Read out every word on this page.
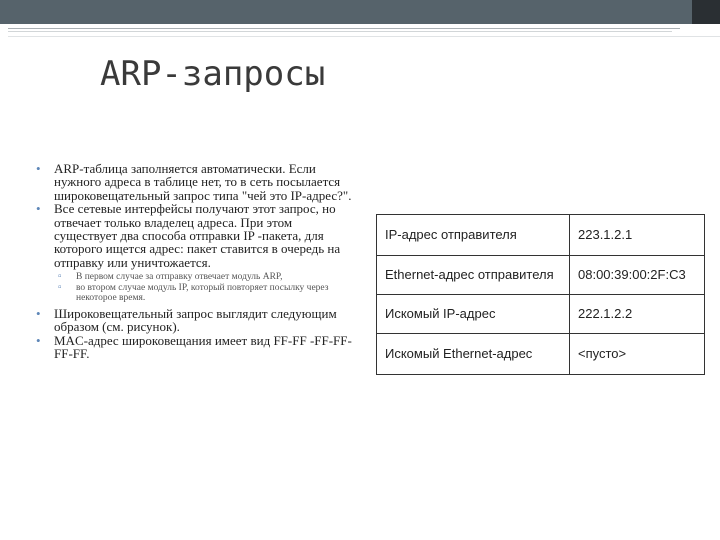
ARP-запросы
• ARP-таблица заполняется автоматически. Если нужного адреса в таблице нет, то в сеть посылается широковещательный запрос типа "чей это IP-адрес?".
• Все сетевые интерфейсы получают этот запрос, но отвечает только владелец адреса. При этом существует два способа отправки IP -пакета, для которого ищется адрес: пакет ставится в очередь на отправку или уничтожается.
▫ В первом случае за отправку отвечает модуль ARP,
▫ во втором случае модуль IP, который повторяет посылку через некоторое время.
• Широковещательный запрос выглядит следующим образом (см. рисунок).
• MAC-адрес широковещания имеет вид FF-FF -FF-FF-FF-FF.
IP-адрес отправителя	223.1.2.1
Ethernet-адрес отправителя	08:00:39:00:2F:C3
Искомый IP-адрес	222.1.2.2
Искомый Ethernet-адрес	<пусто>
